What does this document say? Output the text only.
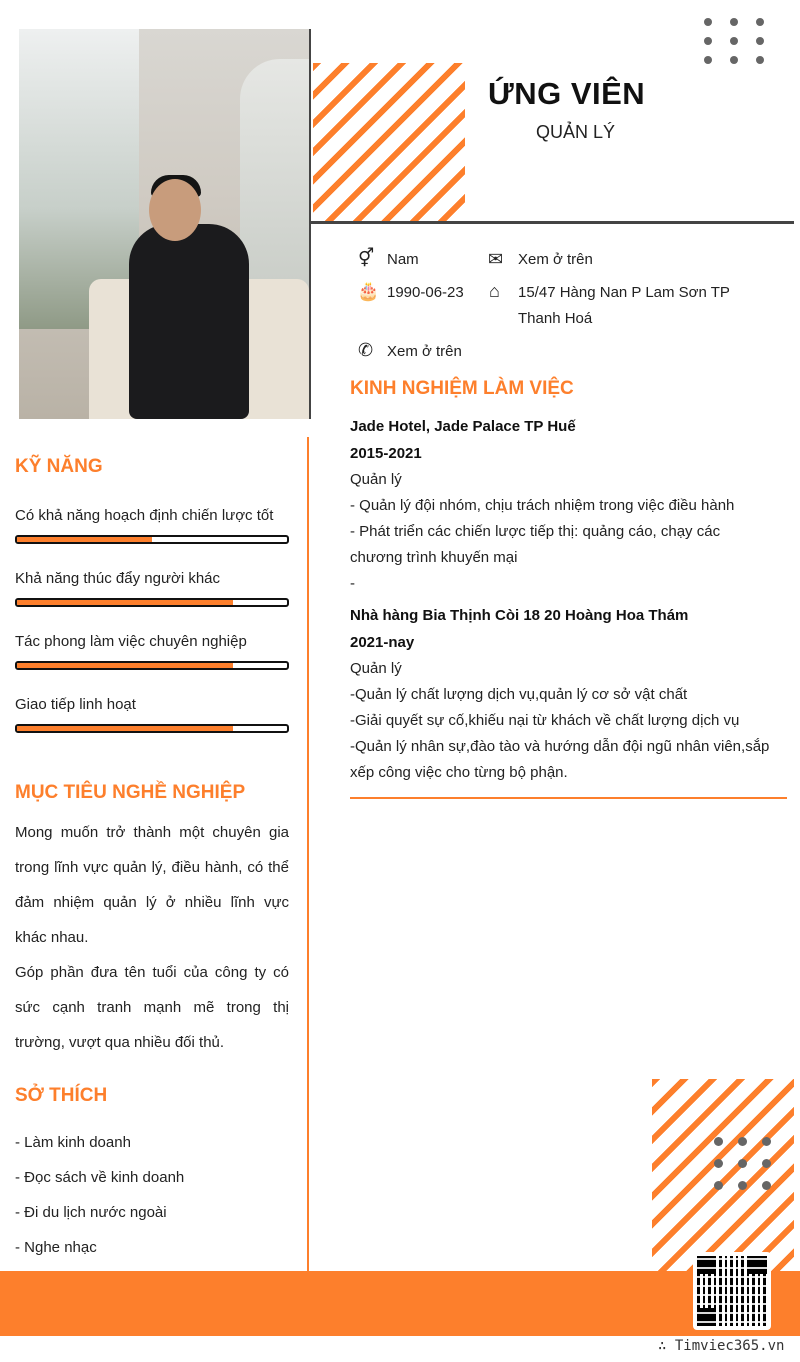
ỨNG VIÊN
QUẢN LÝ
⚥ Nam	✉ Xem ở trên
🎂 1990-06-23 ⌂ 15/47 Hàng Nan P Lam Sơn TP
Thanh Hoá
✆ Xem ở trên
KINH NGHIỆM LÀM VIỆC
Jade Hotel, Jade Palace TP Huế
2015-2021
Quản lý
- Quản lý đội nhóm, chịu trách nhiệm trong việc điều hành
- Phát triển các chiến lược tiếp thị: quảng cáo, chạy các
chương trình khuyến mại
-
Nhà hàng Bia Thịnh Còi 18 20 Hoàng Hoa Thám
2021-nay
Quản lý
-Quản lý chất lượng dịch vụ,quản lý cơ sở vật chất
-Giải quyết sự cố,khiếu nại từ khách về chất lượng dịch vụ
-Quản lý nhân sự,đào tào và hướng dẫn đội ngũ nhân viên,sắp
xếp công việc cho từng bộ phận.
KỸ NĂNG
Có khả năng hoạch định chiến lược tốt
Khả năng thúc đẩy người khác
Tác phong làm việc chuyên nghiệp
Giao tiếp linh hoạt
MỤC TIÊU NGHỀ NGHIỆP

Mong muốn trở thành một chuyên gia trong lĩnh vực quản lý, điều hành, có thể đảm nhiệm quản lý ở nhiều lĩnh vực khác nhau.

Góp phần đưa tên tuổi của công ty có sức cạnh tranh mạnh mẽ trong thị trường, vượt qua nhiều đối thủ.

SỞ THÍCH
- Làm kinh doanh
- Đọc sách về kinh doanh
- Đi du lịch nước ngoài
- Nghe nhạc
∴ Timviec365.vn
